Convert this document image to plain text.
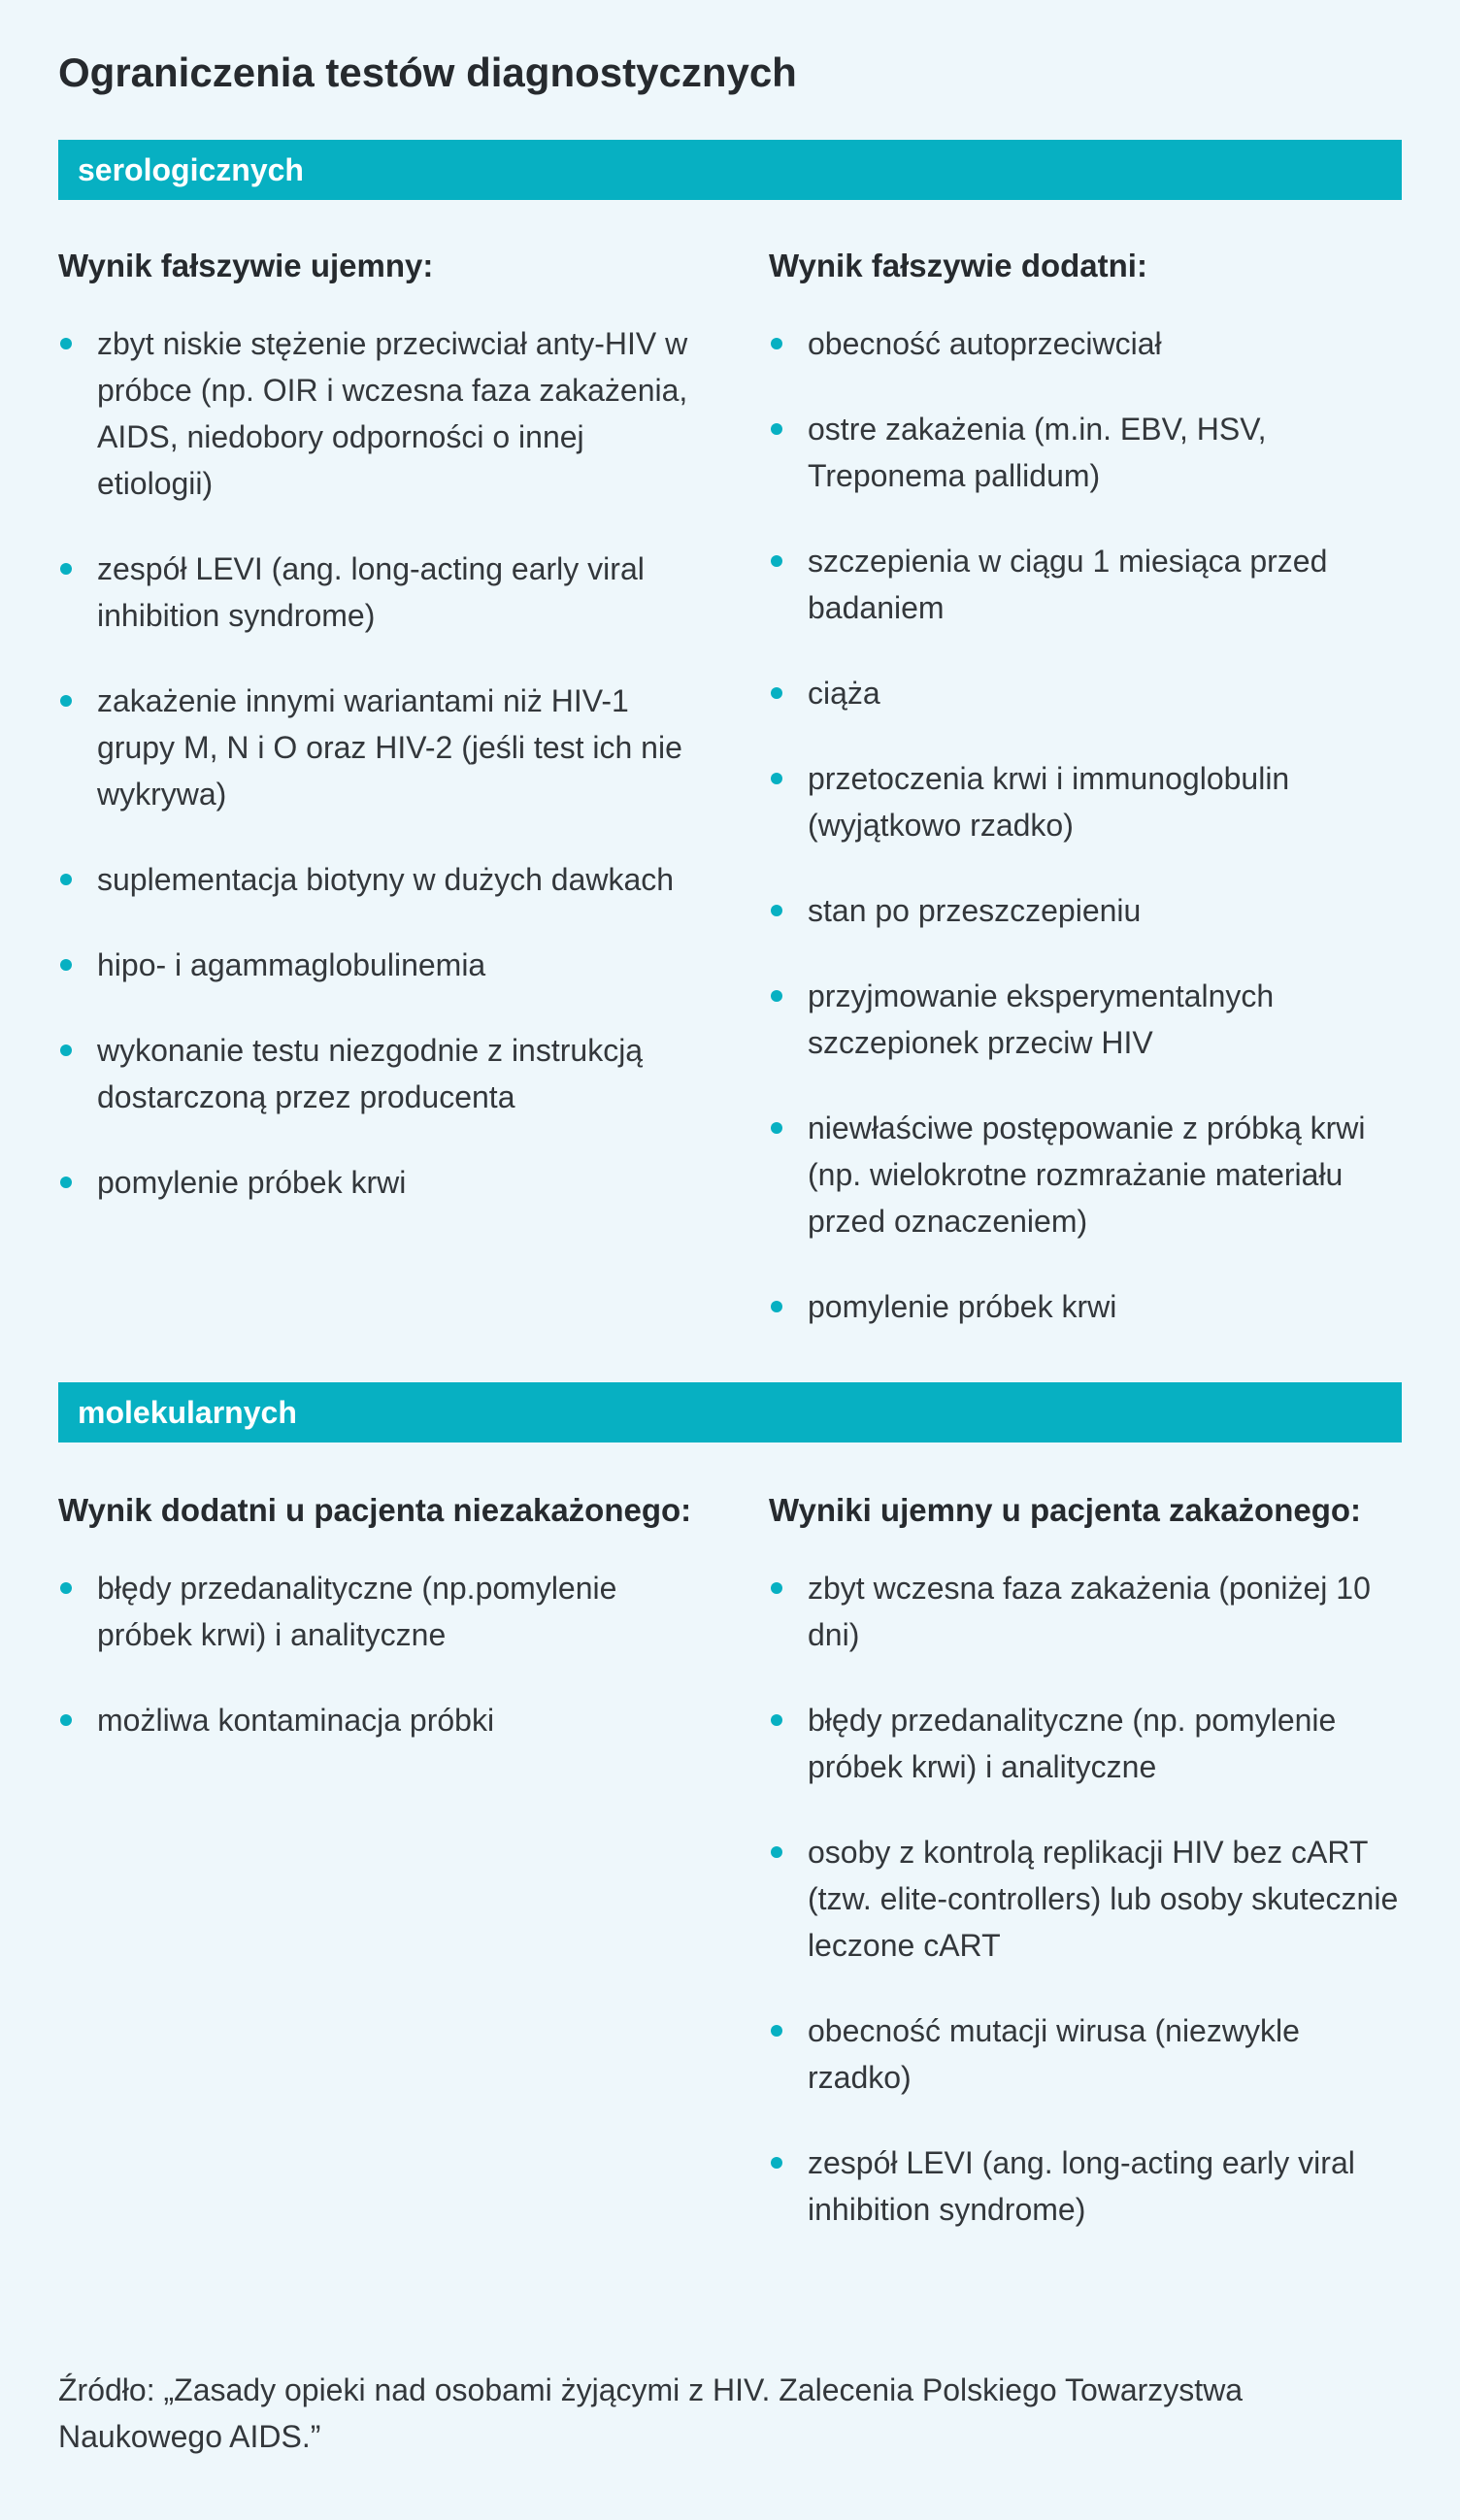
Ograniczenia testów diagnostycznych
serologicznych
Wynik fałszywie ujemny:
zbyt niskie stężenie przeciwciał anty-HIV w próbce (np. OIR i wczesna faza zakażenia, AIDS, niedobory odporności o innej etiologii)
zespół LEVI (ang. long-acting early viral inhibition syndrome)
zakażenie innymi wariantami niż HIV-1 grupy M, N i O oraz HIV-2 (jeśli test ich nie wykrywa)
suplementacja biotyny w dużych dawkach
hipo- i agammaglobulinemia
wykonanie testu niezgodnie z instrukcją dostarczoną przez producenta
pomylenie próbek krwi
Wynik fałszywie dodatni:
obecność autoprzeciwciał
ostre zakażenia (m.in. EBV, HSV, Treponema pallidum)
szczepienia w ciągu 1 miesiąca przed badaniem
ciąża
przetoczenia krwi i immunoglobulin (wyjątkowo rzadko)
stan po przeszczepieniu
przyjmowanie eksperymentalnych szczepionek przeciw HIV
niewłaściwe postępowanie z próbką krwi (np. wielokrotne rozmrażanie materiału przed oznaczeniem)
pomylenie próbek krwi
molekularnych
Wynik dodatni u pacjenta niezakażonego:
błędy przedanalityczne (np.pomylenie próbek krwi) i analityczne
możliwa kontaminacja próbki
Wyniki ujemny u pacjenta zakażonego:
zbyt wczesna faza zakażenia (poniżej 10 dni)
błędy przedanalityczne (np. pomylenie próbek krwi) i analityczne
osoby z kontrolą replikacji HIV bez cART (tzw. elite-controllers) lub osoby skutecznie leczone cART
obecność mutacji wirusa (niezwykle rzadko)
zespół LEVI (ang. long-acting early viral inhibition syndrome)

Źródło: „Zasady opieki nad osobami żyjącymi z HIV. Zalecenia Polskiego Towarzystwa Naukowego AIDS.”
